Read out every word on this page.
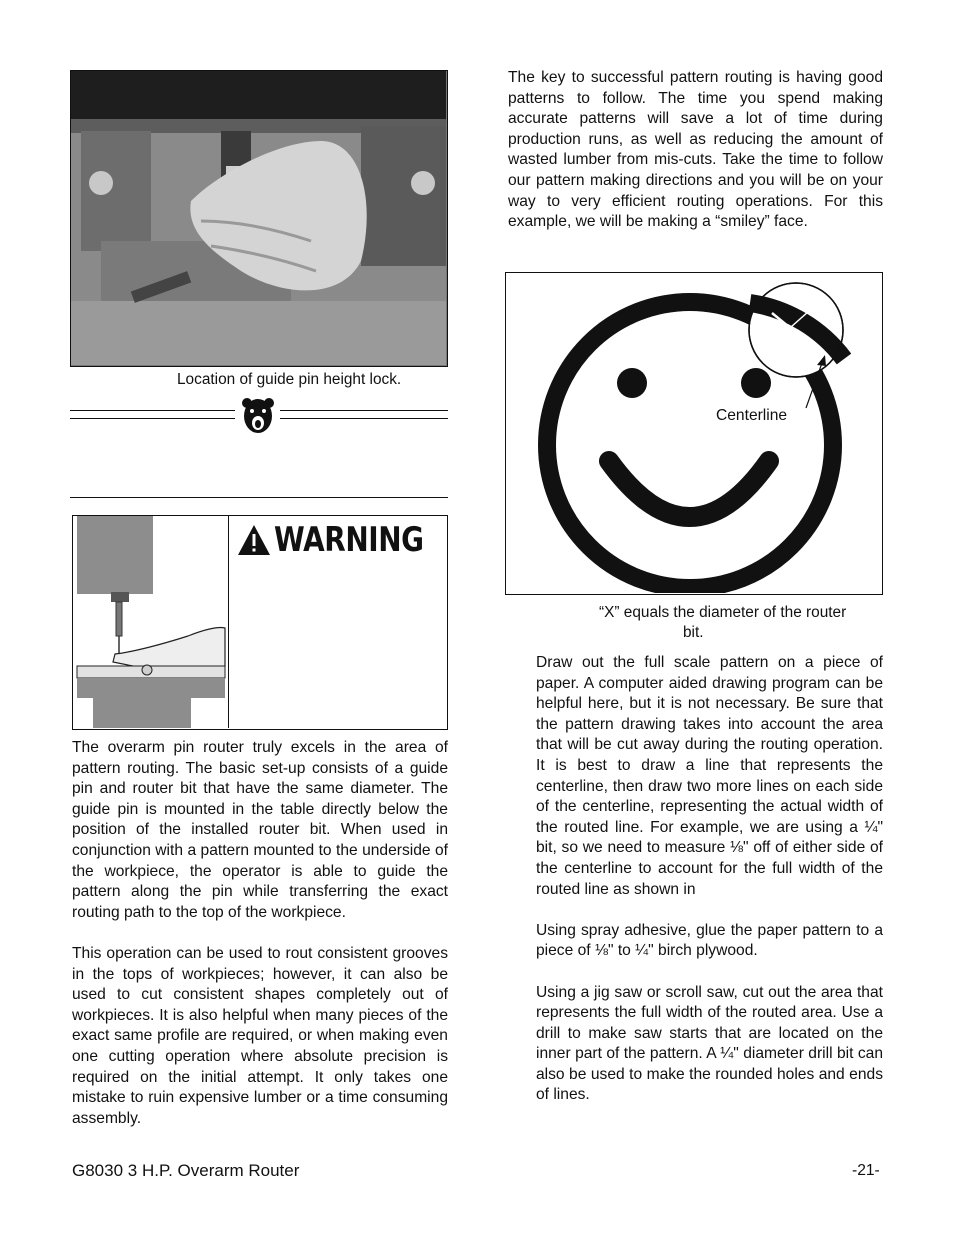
Location of guide pin height lock.
WARNING

The overarm pin router truly excels in the area of pattern routing. The basic set-up consists of a guide pin and router bit that have the same diameter. The guide pin is mounted in the table directly below the position of the installed router bit. When used in conjunction with a pattern mounted to the underside of the workpiece, the operator is able to guide the pattern along the pin while transferring the exact routing path to the top of the workpiece.

This operation can be used to rout consistent grooves in the tops of workpieces; however, it can also be used to cut consistent shapes completely out of workpieces. It is also helpful when many pieces of the exact same profile are required, or when making even one cutting operation where absolute precision is required on the initial attempt. It only takes one mistake to ruin expensive lumber or a time consuming assembly.

The key to successful pattern routing is having good patterns to follow. The time you spend making accurate patterns will save a lot of time during production runs, as well as reducing the amount of wasted lumber from mis-cuts. Take the time to follow our pattern making directions and you will be on your way to very efficient routing operations. For this example, we will be making a “smiley” face.

X
Centerline
“X” equals the diameter of the router
bit.

Draw out the full scale pattern on a piece of paper. A computer aided drawing program can be helpful here, but it is not necessary. Be sure that the pattern drawing takes into account the area that will be cut away during the routing operation. It is best to draw a line that represents the centerline, then draw two more lines on each side of the centerline, representing the actual width of the routed line. For example, we are using a ¼" bit, so we need to measure ⅛" off of either side of the centerline to account for the full width of the routed line as shown in

Using spray adhesive, glue the paper pattern to a piece of ⅛" to ¼" birch plywood.

Using a jig saw or scroll saw, cut out the area that represents the full width of the routed area. Use a drill to make saw starts that are located on the inner part of the pattern. A ¼" diameter drill bit can also be used to make the rounded holes and ends of lines.

G8030 3 H.P. Overarm Router	-21-
